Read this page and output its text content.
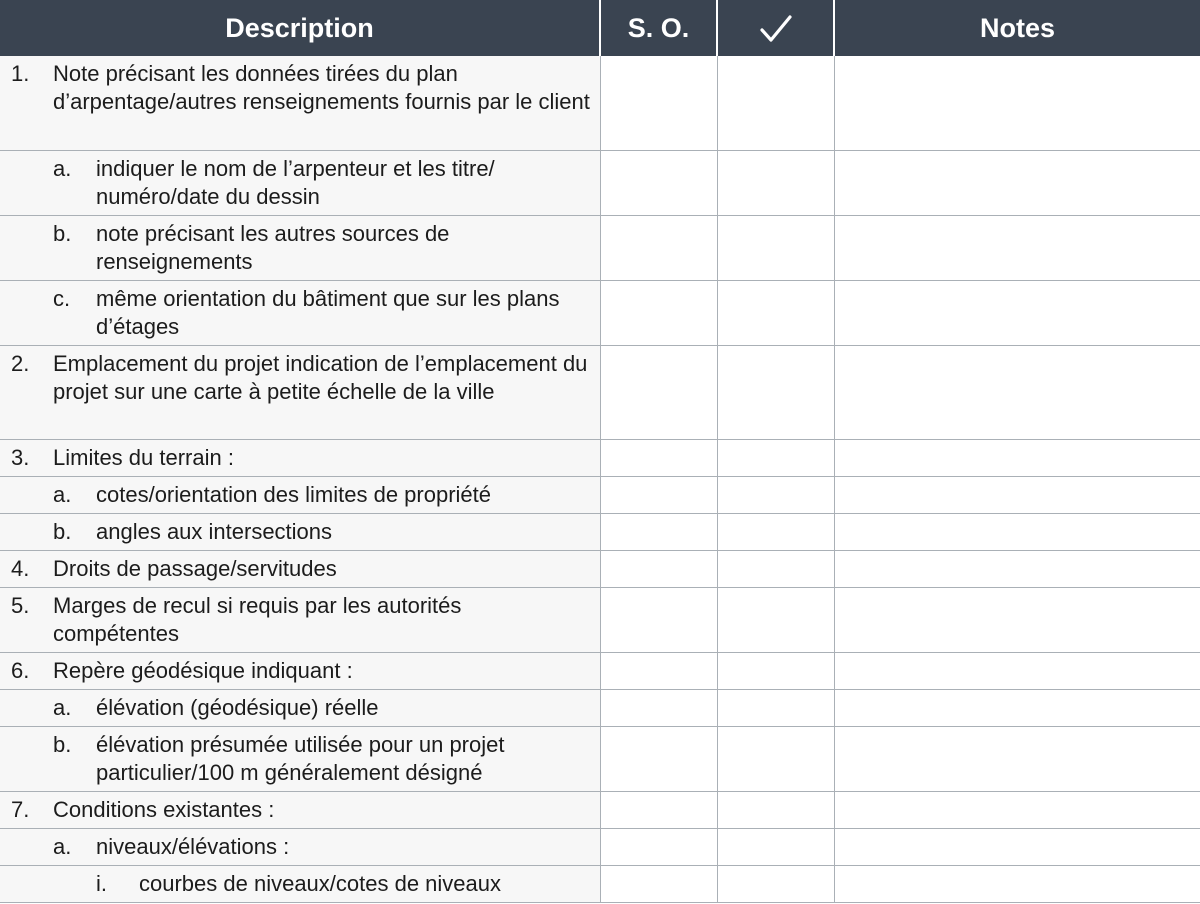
Description	S. O.		Notes

1. Note précisant les données tirées du plan d’arpentage/autres renseignements fournis par le client			

a. indiquer le nom de l’arpenteur et les titre/ numéro/date du dessin			

b. note précisant les autres sources de renseignements			

c. même orientation du bâtiment que sur les plans d’étages			

2. Emplacement du projet indication de l’emplacement du projet sur une carte à petite échelle de la ville			

3. Limites du terrain :			

a. cotes/orientation des limites de propriété			

b. angles aux intersections			

4. Droits de passage/servitudes			

5. Marges de recul si requis par les autorités compétentes			

6. Repère géodésique indiquant :			

a. élévation (géodésique) réelle			

b. élévation présumée utilisée pour un projet particulier/100 m généralement désigné			

7. Conditions existantes :			

a. niveaux/élévations :			

i. courbes de niveaux/cotes de niveaux			
